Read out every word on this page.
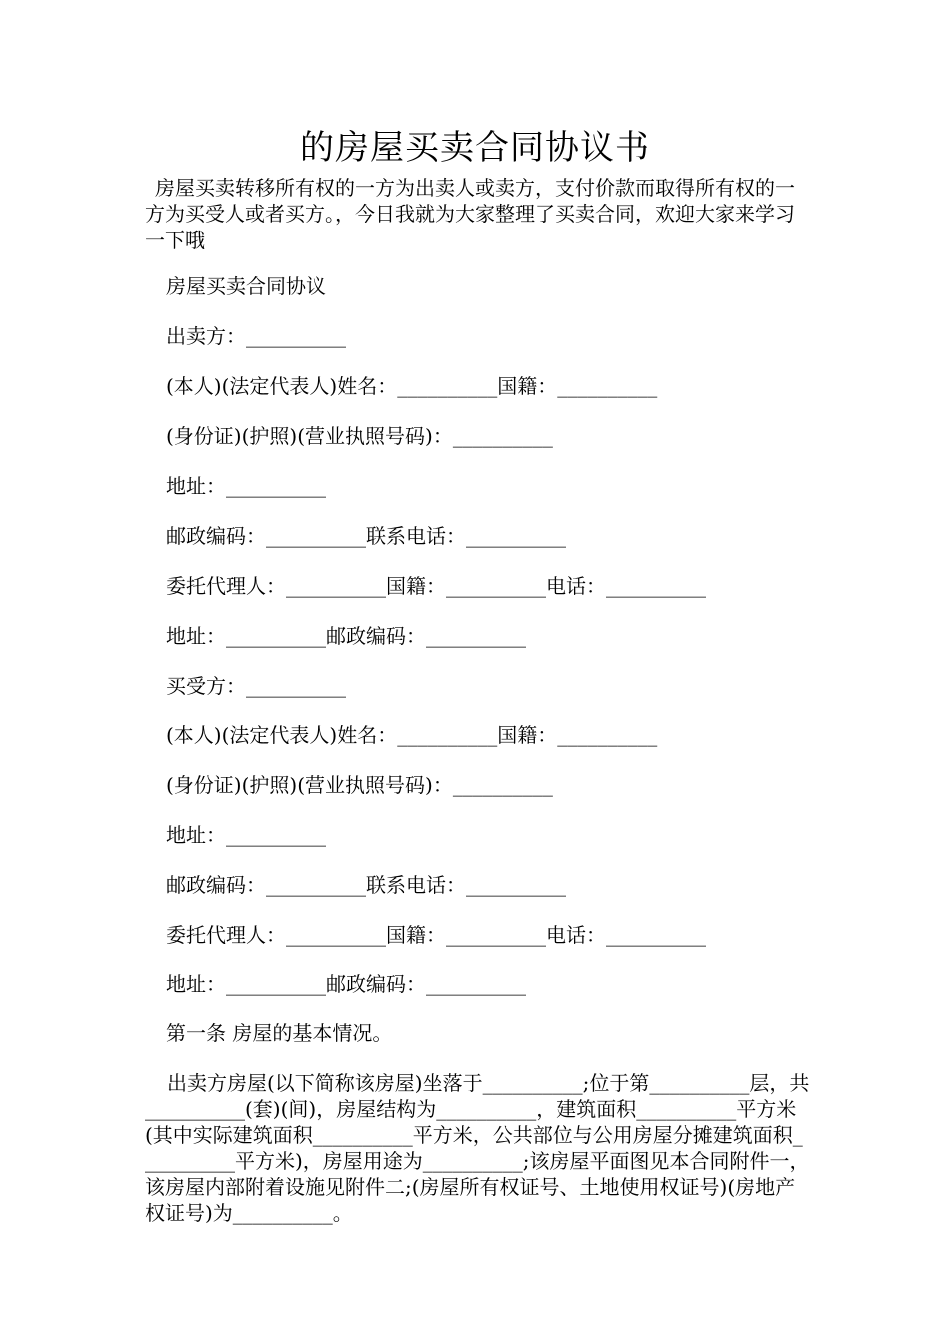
的房屋买卖合同协议书
房屋买卖转移所有权的一方为出卖人或卖方，支付价款而取得所有权的一方为买受人或者买方。，今日我就为大家整理了买卖合同，欢迎大家来学习一下哦
房屋买卖合同协议
出卖方：__________
(本人)(法定代表人)姓名：__________国籍：__________
(身份证)(护照)(营业执照号码)：__________
地址：__________
邮政编码：__________联系电话：__________
委托代理人：__________国籍：__________电话：__________
地址：__________邮政编码：__________
买受方：__________
(本人)(法定代表人)姓名：__________国籍：__________
(身份证)(护照)(营业执照号码)：__________
地址：__________
邮政编码：__________联系电话：__________
委托代理人：__________国籍：__________电话：__________
地址：__________邮政编码：__________
第一条 房屋的基本情况。
出卖方房屋(以下简称该房屋)坐落于__________;位于第__________层，共__________(套)(间)，房屋结构为__________，建筑面积__________平方米(其中实际建筑面积__________平方米，公共部位与公用房屋分摊建筑面积__________平方米)，房屋用途为__________;该房屋平面图见本合同附件一，该房屋内部附着设施见附件二;(房屋所有权证号、土地使用权证号)(房地产权证号)为__________。
